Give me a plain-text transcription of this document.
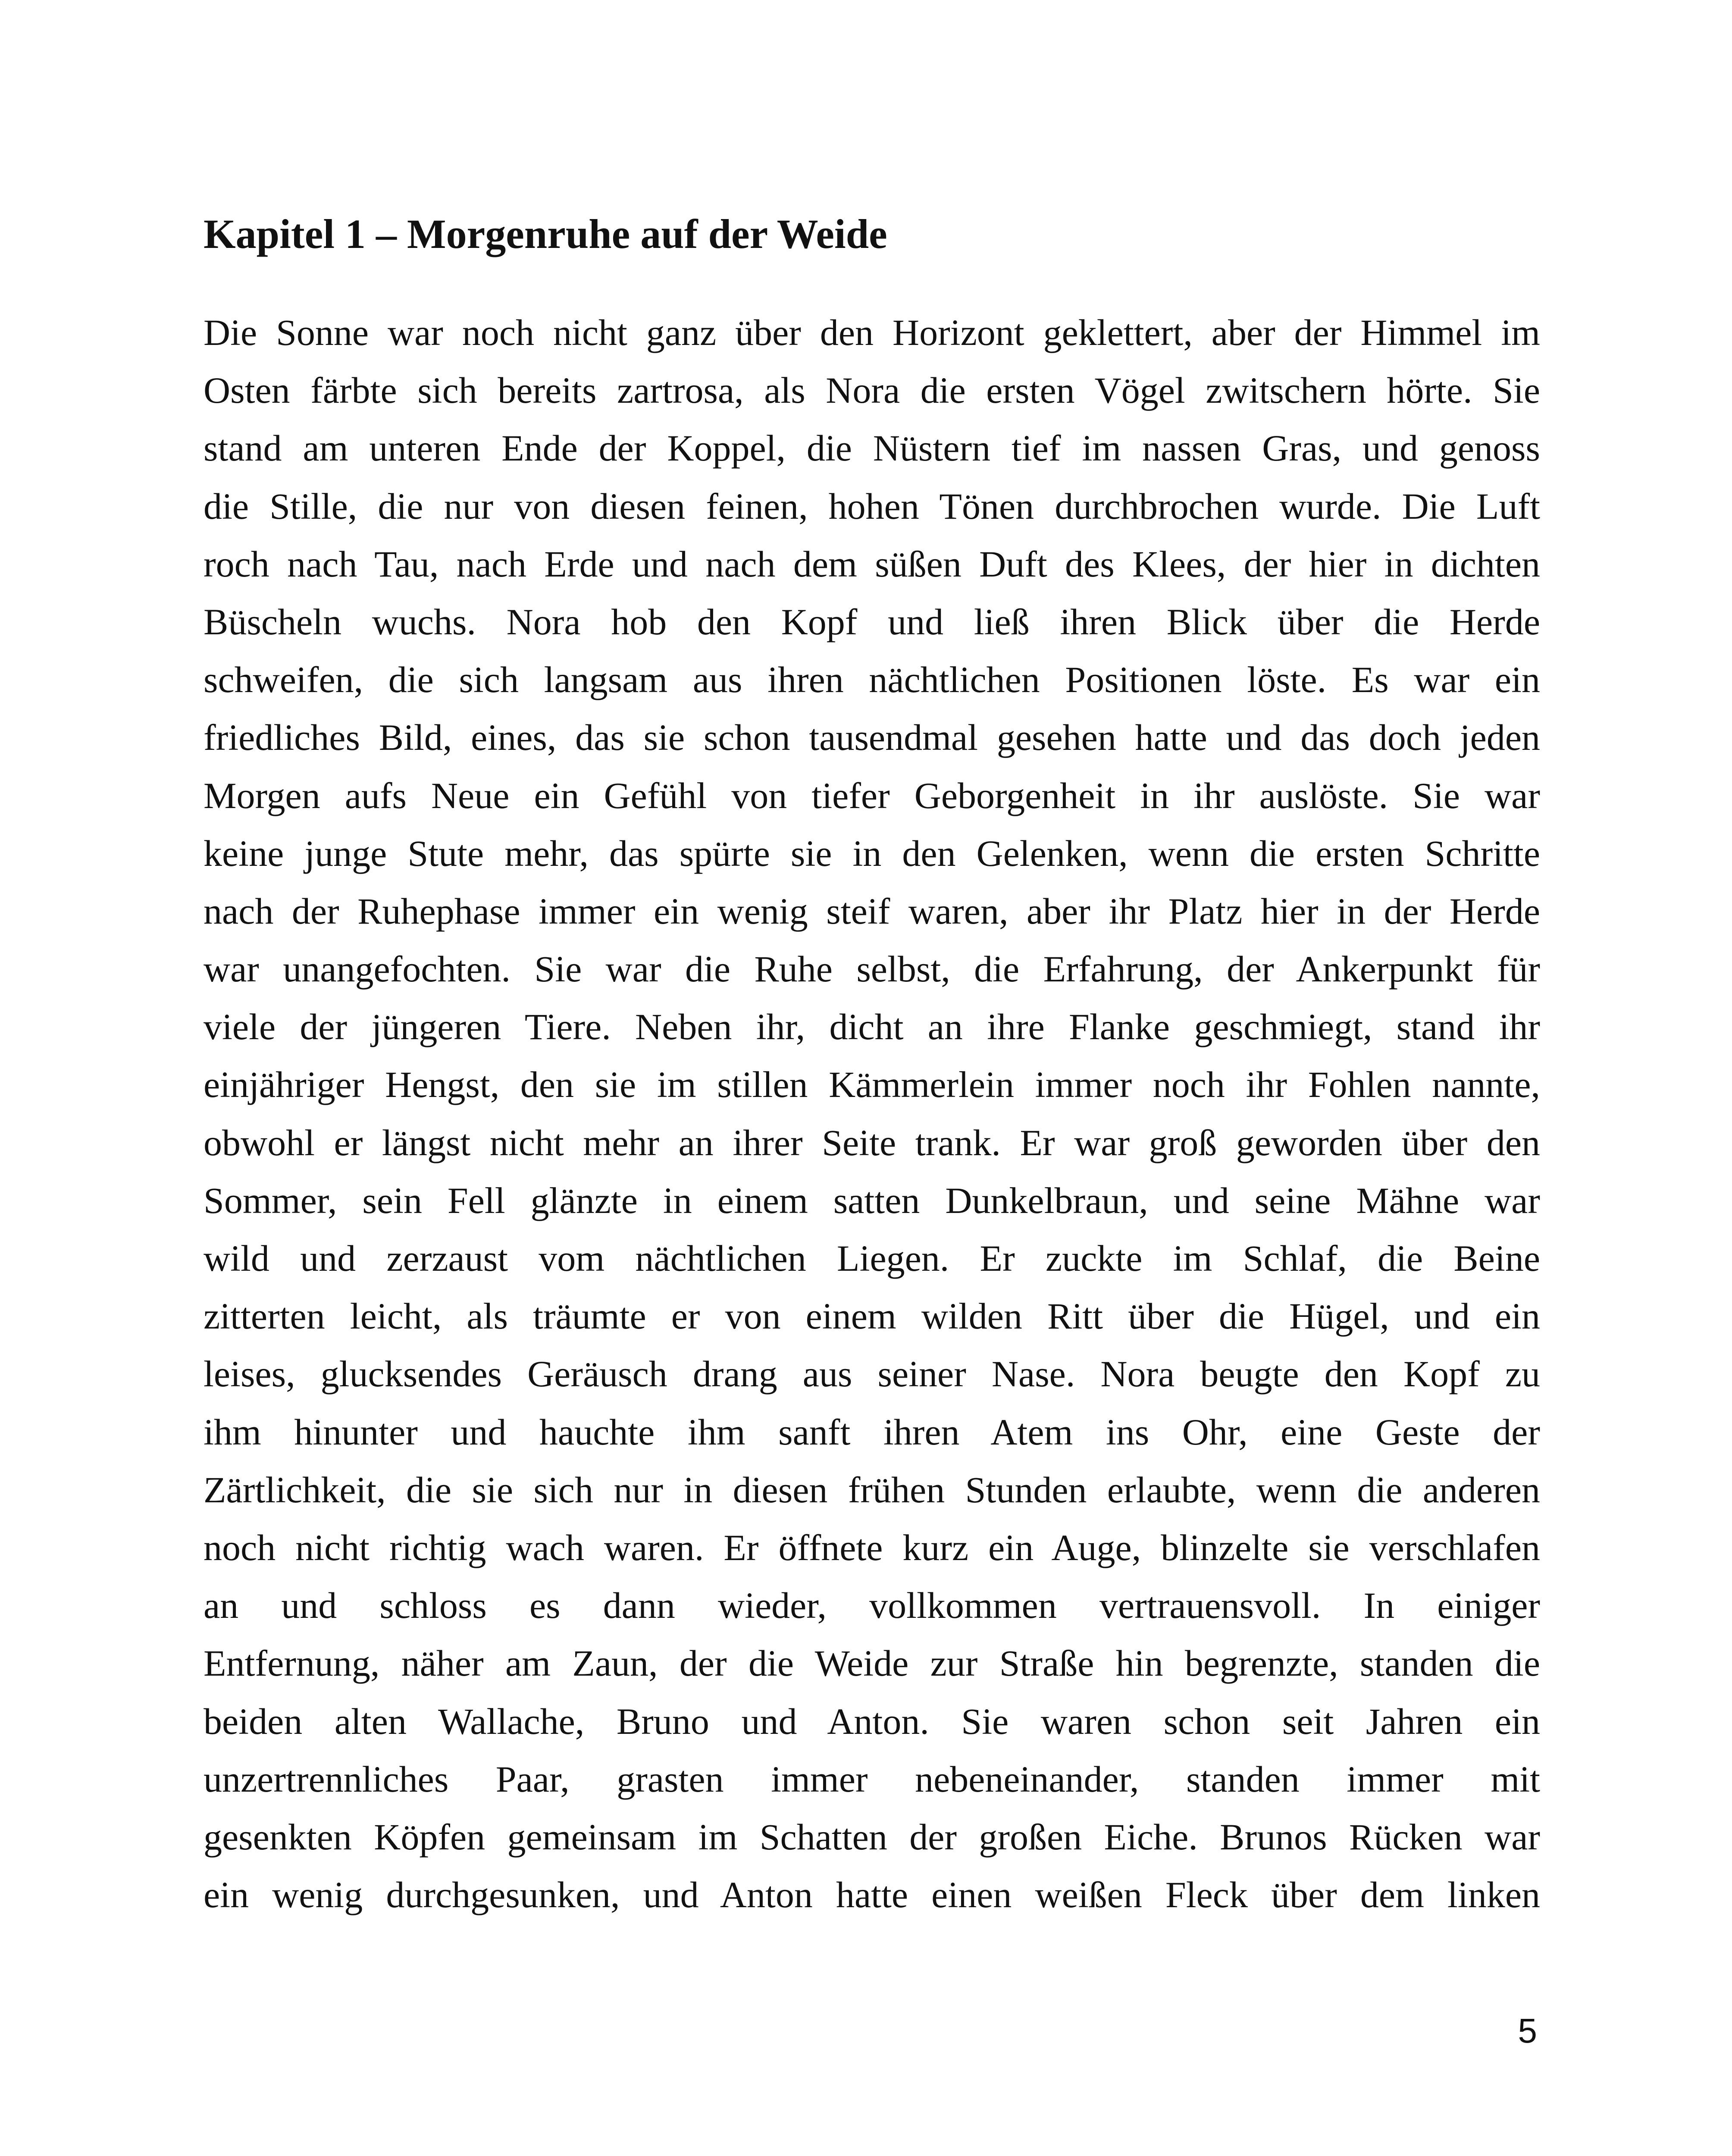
Kapitel 1 – Morgenruhe auf der Weide
Die Sonne war noch nicht ganz über den Horizont geklettert, aber der Himmel im
Osten färbte sich bereits zartrosa, als Nora die ersten Vögel zwitschern hörte. Sie
stand am unteren Ende der Koppel, die Nüstern tief im nassen Gras, und genoss
die Stille, die nur von diesen feinen, hohen Tönen durchbrochen wurde. Die Luft
roch nach Tau, nach Erde und nach dem süßen Duft des Klees, der hier in dichten
Büscheln wuchs. Nora hob den Kopf und ließ ihren Blick über die Herde
schweifen, die sich langsam aus ihren nächtlichen Positionen löste. Es war ein
friedliches Bild, eines, das sie schon tausendmal gesehen hatte und das doch jeden
Morgen aufs Neue ein Gefühl von tiefer Geborgenheit in ihr auslöste. Sie war
keine junge Stute mehr, das spürte sie in den Gelenken, wenn die ersten Schritte
nach der Ruhephase immer ein wenig steif waren, aber ihr Platz hier in der Herde
war unangefochten. Sie war die Ruhe selbst, die Erfahrung, der Ankerpunkt für
viele der jüngeren Tiere. Neben ihr, dicht an ihre Flanke geschmiegt, stand ihr
einjähriger Hengst, den sie im stillen Kämmerlein immer noch ihr Fohlen nannte,
obwohl er längst nicht mehr an ihrer Seite trank. Er war groß geworden über den
Sommer, sein Fell glänzte in einem satten Dunkelbraun, und seine Mähne war
wild und zerzaust vom nächtlichen Liegen. Er zuckte im Schlaf, die Beine
zitterten leicht, als träumte er von einem wilden Ritt über die Hügel, und ein
leises, glucksendes Geräusch drang aus seiner Nase. Nora beugte den Kopf zu
ihm hinunter und hauchte ihm sanft ihren Atem ins Ohr, eine Geste der
Zärtlichkeit, die sie sich nur in diesen frühen Stunden erlaubte, wenn die anderen
noch nicht richtig wach waren. Er öffnete kurz ein Auge, blinzelte sie verschlafen
an und schloss es dann wieder, vollkommen vertrauensvoll. In einiger
Entfernung, näher am Zaun, der die Weide zur Straße hin begrenzte, standen die
beiden alten Wallache, Bruno und Anton. Sie waren schon seit Jahren ein
unzertrennliches Paar, grasten immer nebeneinander, standen immer mit
gesenkten Köpfen gemeinsam im Schatten der großen Eiche. Brunos Rücken war
ein wenig durchgesunken, und Anton hatte einen weißen Fleck über dem linken
5
